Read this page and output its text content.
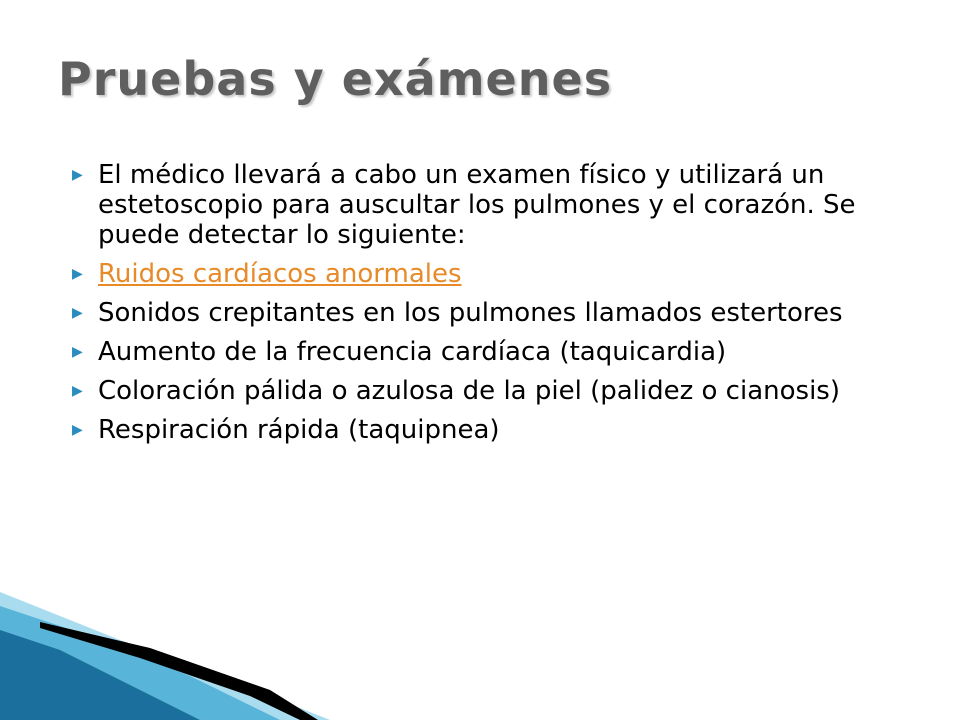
Pruebas y exámenes
▶ El médico llevará a cabo un examen físico y utilizará un estetoscopio para auscultar los pulmones y el corazón. Se puede detectar lo siguiente:
▶ Ruidos cardíacos anormales
▶ Sonidos crepitantes en los pulmones llamados estertores
▶ Aumento de la frecuencia cardíaca (taquicardia)
▶ Coloración pálida o azulosa de la piel (palidez o cianosis)
▶ Respiración rápida (taquipnea)
